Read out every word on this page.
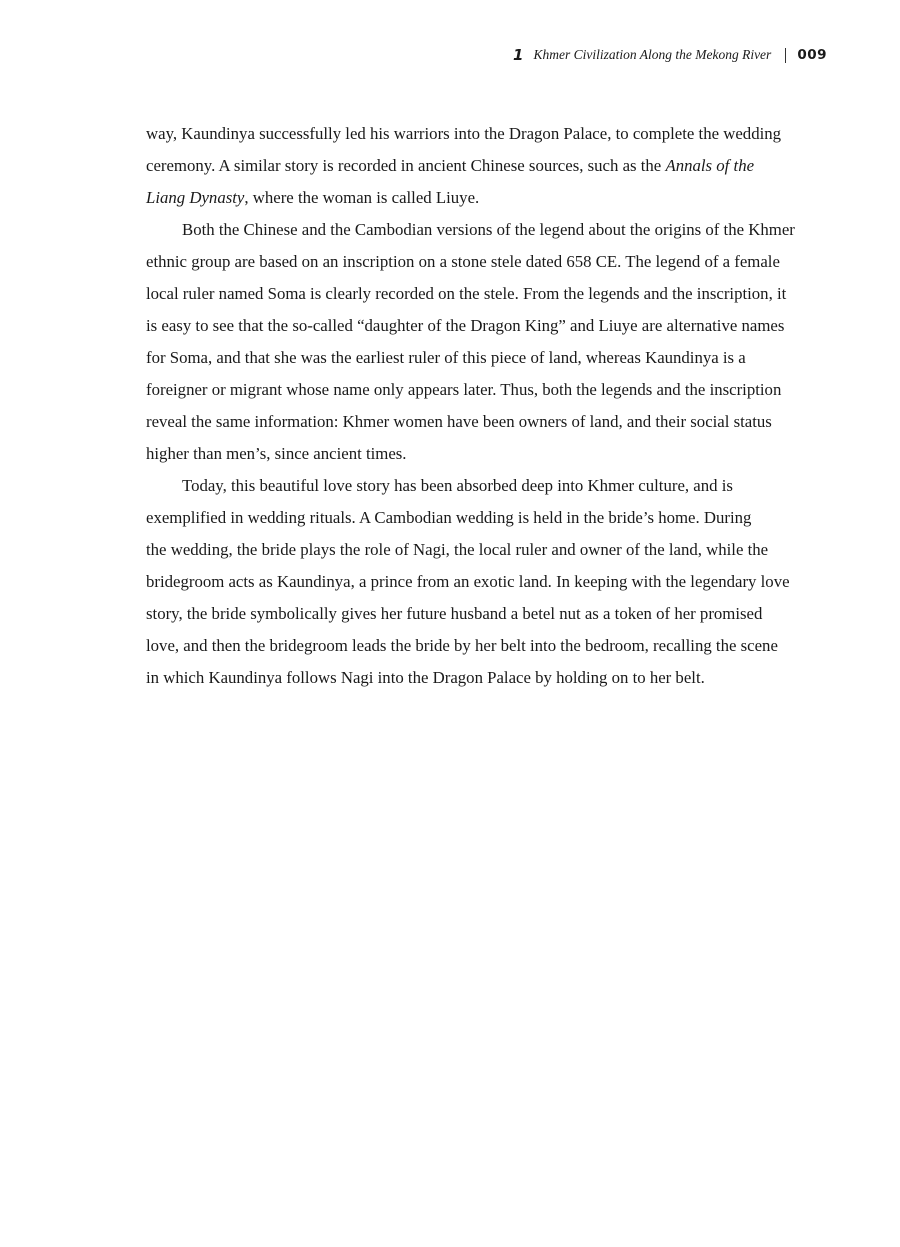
1 Khmer Civilization Along the Mekong River 009

way, Kaundinya successfully led his warriors into the Dragon Palace, to complete the wedding
ceremony. A similar story is recorded in ancient Chinese sources, such as the Annals of the
Liang Dynasty, where the woman is called Liuye.

Both the Chinese and the Cambodian versions of the legend about the origins of the Khmer
ethnic group are based on an inscription on a stone stele dated 658 CE. The legend of a female
local ruler named Soma is clearly recorded on the stele. From the legends and the inscription, it
is easy to see that the so-called “daughter of the Dragon King” and Liuye are alternative names
for Soma, and that she was the earliest ruler of this piece of land, whereas Kaundinya is a
foreigner or migrant whose name only appears later. Thus, both the legends and the inscription
reveal the same information: Khmer women have been owners of land, and their social status
higher than men’s, since ancient times.

Today, this beautiful love story has been absorbed deep into Khmer culture, and is
exemplified in wedding rituals. A Cambodian wedding is held in the bride’s home. During
the wedding, the bride plays the role of Nagi, the local ruler and owner of the land, while the
bridegroom acts as Kaundinya, a prince from an exotic land. In keeping with the legendary love
story, the bride symbolically gives her future husband a betel nut as a token of her promised
love, and then the bridegroom leads the bride by her belt into the bedroom, recalling the scene
in which Kaundinya follows Nagi into the Dragon Palace by holding on to her belt.
